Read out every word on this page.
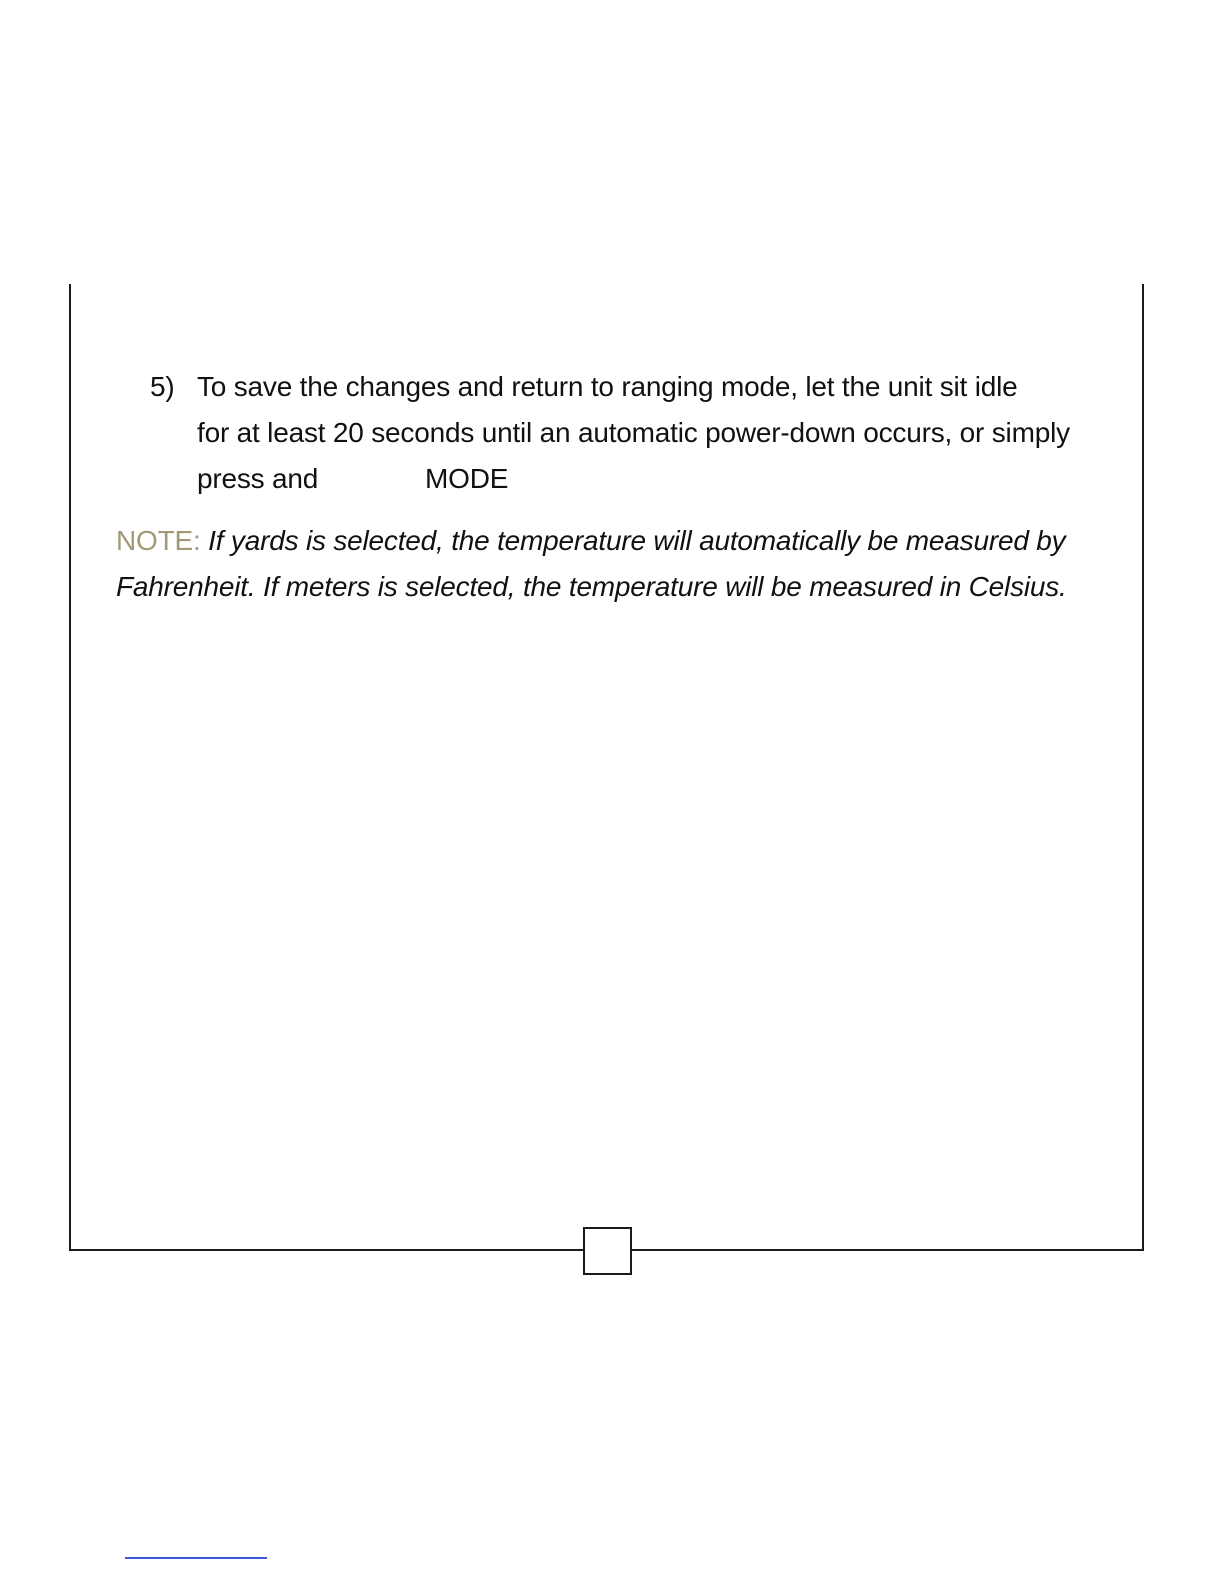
5) To save the changes and return to ranging mode, let the unit sit idle
for at least 20 seconds until an automatic power-down occurs, or simply
press and	MODE
NOTE: If yards is selected, the temperature will automatically be measured by
Fahrenheit. If meters is selected, the temperature will be measured in Celsius.
